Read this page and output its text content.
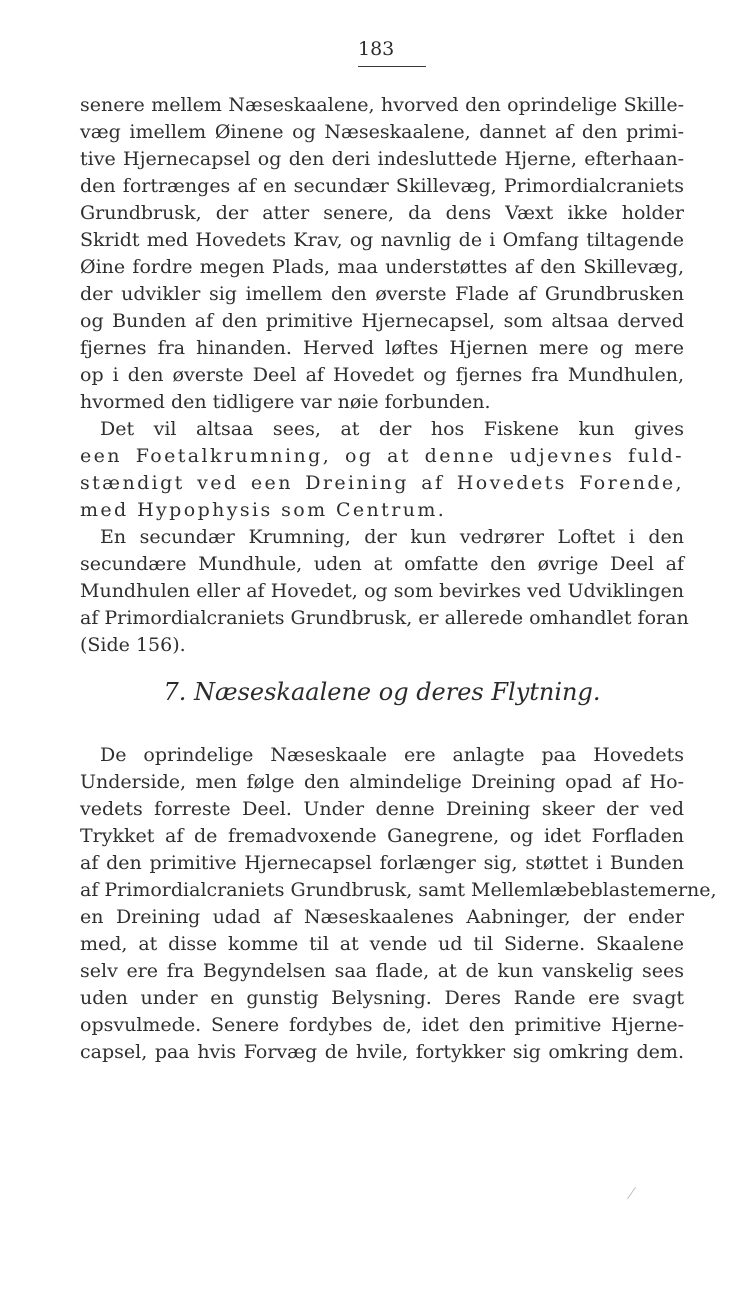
183
senere mellem Næseskaalene, hvorved den oprindelige Skille-
væg imellem Øinene og Næseskaalene, dannet af den primi-
tive Hjernecapsel og den deri indesluttede Hjerne, efterhaan-
den fortrænges af en secundær Skillevæg, Primordialcraniets
Grundbrusk, der atter senere, da dens Væxt ikke holder
Skridt med Hovedets Krav, og navnlig de i Omfang tiltagende
Øine fordre megen Plads, maa understøttes af den Skillevæg,
der udvikler sig imellem den øverste Flade af Grundbrusken
og Bunden af den primitive Hjernecapsel, som altsaa derved
fjernes fra hinanden. Herved løftes Hjernen mere og mere
op i den øverste Deel af Hovedet og fjernes fra Mundhulen,
hvormed den tidligere var nøie forbunden.
Det vil altsaa sees, at der hos Fiskene kun gives
een Foetalkrumning, og at denne udjevnes fuld-
stændigt ved een Dreining af Hovedets Forende,
med Hypophysis som Centrum.
En secundær Krumning, der kun vedrører Loftet i den
secundære Mundhule, uden at omfatte den øvrige Deel af
Mundhulen eller af Hovedet, og som bevirkes ved Udviklingen
af Primordialcraniets Grundbrusk, er allerede omhandlet foran
(Side 156).
7. Næseskaalene og deres Flytning.
De oprindelige Næseskaale ere anlagte paa Hovedets
Underside, men følge den almindelige Dreining opad af Ho-
vedets forreste Deel. Under denne Dreining skeer der ved
Trykket af de fremadvoxende Ganegrene, og idet Forfladen
af den primitive Hjernecapsel forlænger sig, støttet i Bunden
af Primordialcraniets Grundbrusk, samt Mellemlæbeblastemerne,
en Dreining udad af Næseskaalenes Aabninger, der ender
med, at disse komme til at vende ud til Siderne. Skaalene
selv ere fra Begyndelsen saa flade, at de kun vanskelig sees
uden under en gunstig Belysning. Deres Rande ere svagt
opsvulmede. Senere fordybes de, idet den primitive Hjerne-
capsel, paa hvis Forvæg de hvile, fortykker sig omkring dem.
